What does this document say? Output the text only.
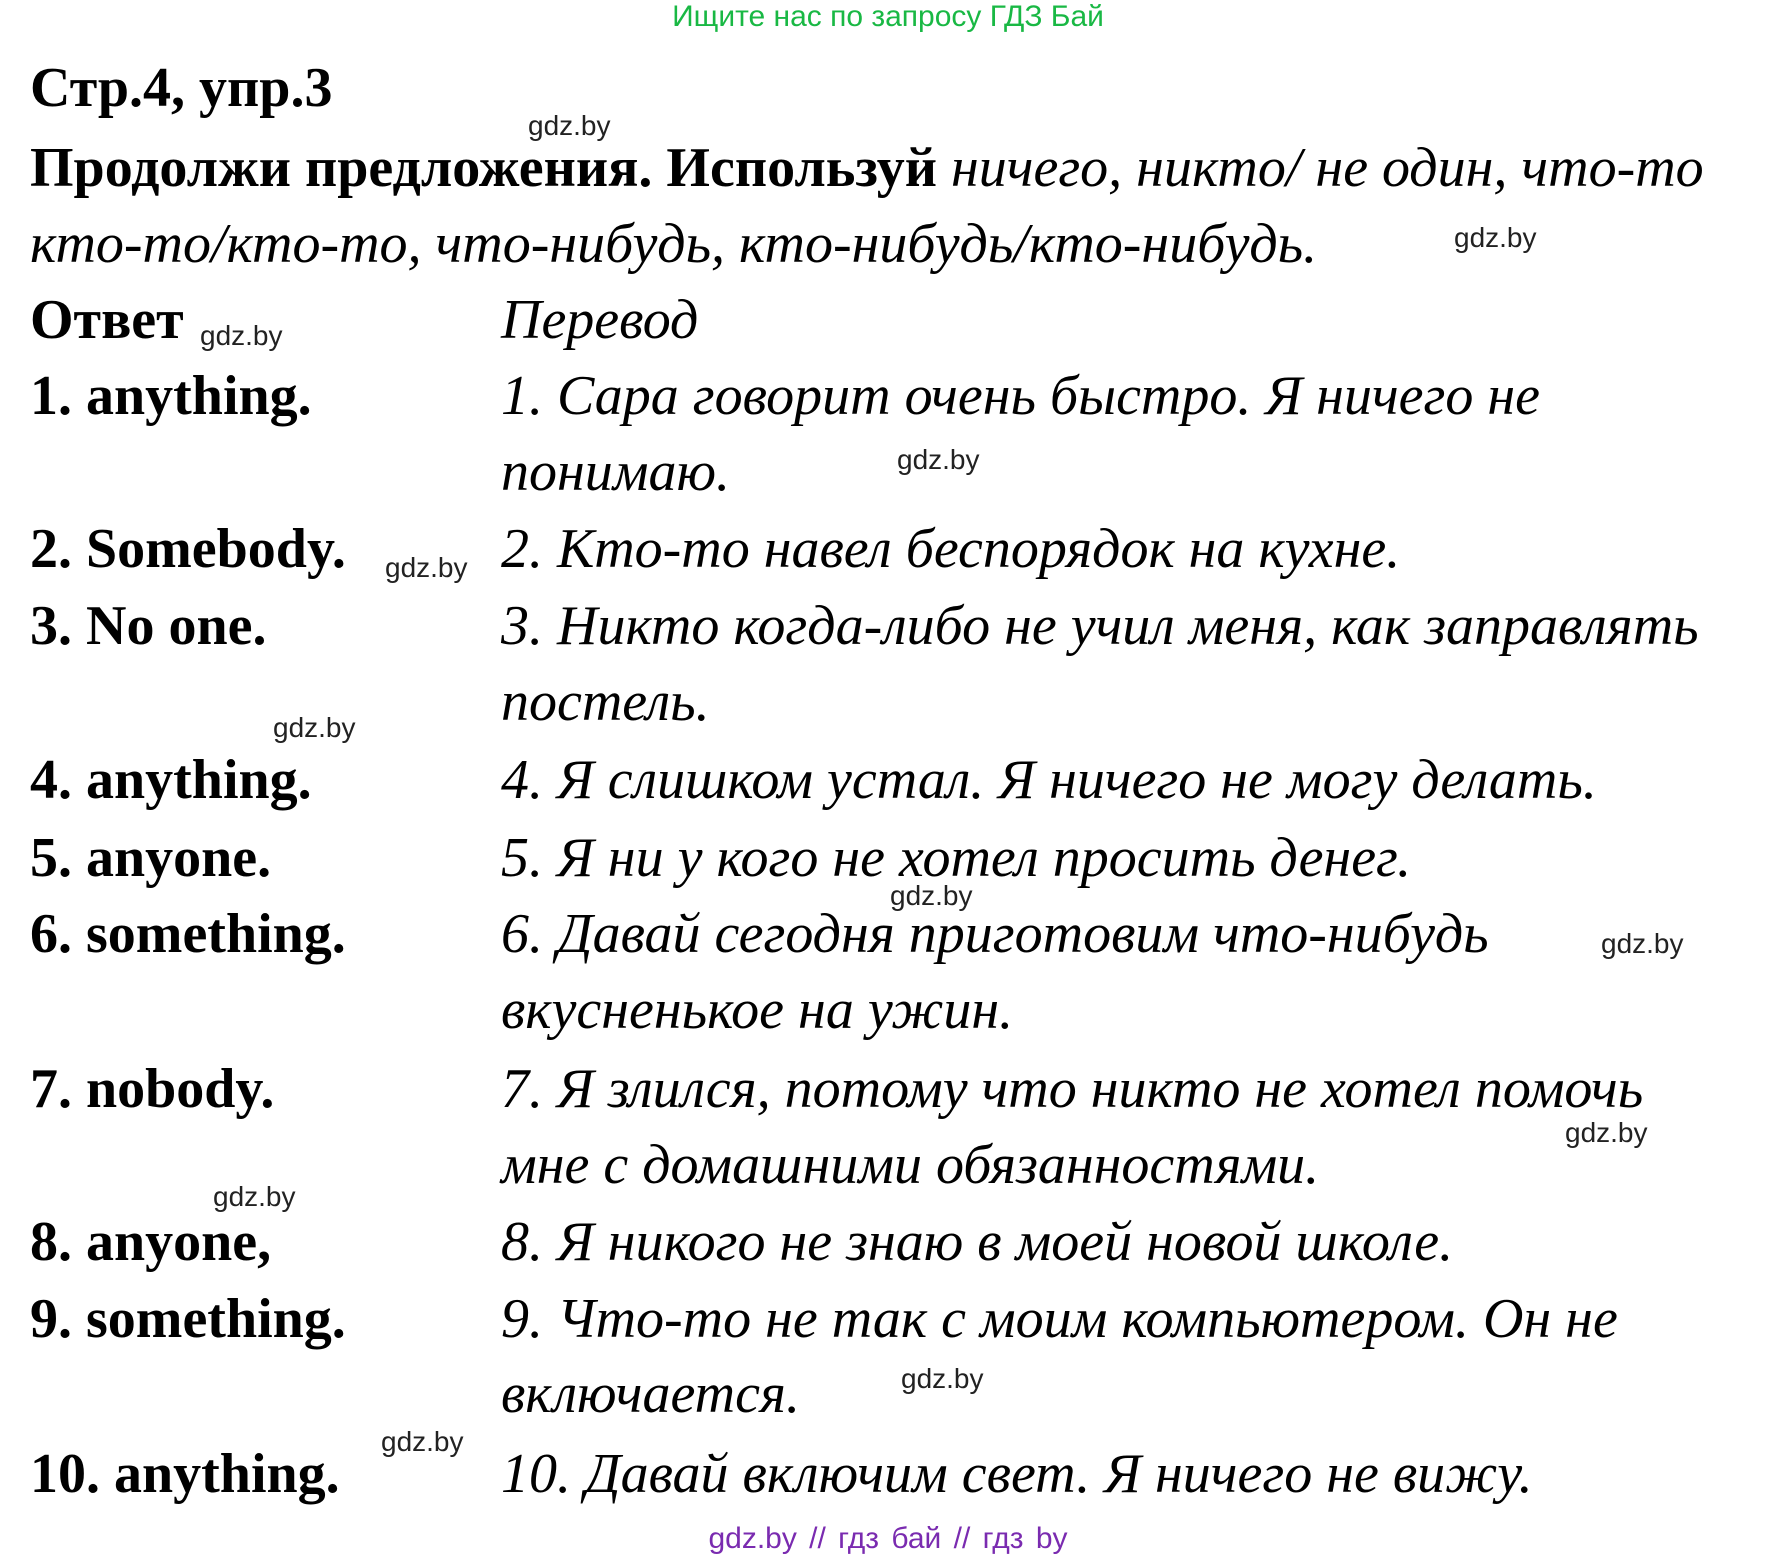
Ищите нас по запросу ГДЗ Бай
Стр.4, упр.3
gdz.by
Продолжи предложения. Используй ничего, никто/ не один, что-то
кто-то/кто-то, что-нибудь, кто-нибудь/кто-нибудь.	gdz.by
Ответ gdz.by	Перевод
1. anything.	1. Сара говорит очень быстро. Я ничего не
понимаю.	gdz.by
2. Somebody. gdz.by 2. Кто-то навел беспорядок на кухне.
3. No one.	3. Никто когда-либо не учил меня, как заправлять
постель.
gdz.by
4. anything.	4. Я слишком устал. Я ничего не могу делать.
5. anyone.	5. Я ни у кого не хотел просить денег.
gdz.by
6. something.	6. Давай сегодня приготовим что-нибудь	gdz.by
вкусненькое на ужин.
7. nobody.	7. Я злился, потому что никто не хотел помочь
gdz.by
мне с домашними обязанностями.
gdz.by
8. anyone,	8. Я никого не знаю в моей новой школе.
9. something.	9. Что-то не так с моим компьютером. Он не
включается.	gdz.by
gdz.by
10. anything.	10. Давай включим свет. Я ничего не вижу.
gdz.by // гдз бай // гдз by
